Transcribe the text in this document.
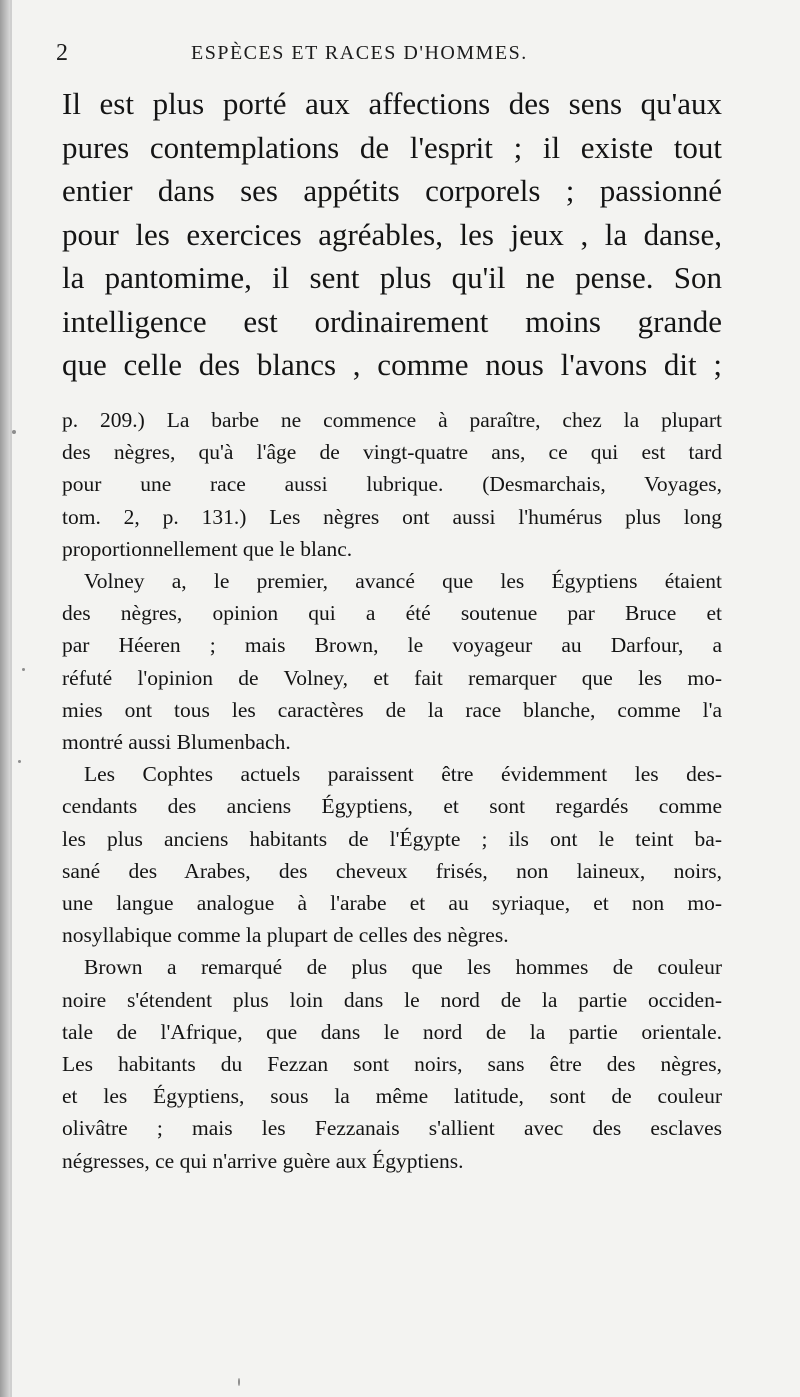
2	ESPÈCES ET RACES D'HOMMES.
Il est plus porté aux affections des sens qu'aux
pures contemplations de l'esprit ; il existe tout
entier dans ses appétits corporels ; passionné
pour les exercices agréables, les jeux , la danse,
la pantomime, il sent plus qu'il ne pense. Son
intelligence est ordinairement moins grande
que celle des blancs , comme nous l'avons dit ;
p. 209.) La barbe ne commence à paraître, chez la plupart
des nègres, qu'à l'âge de vingt-quatre ans, ce qui est tard
pour une race aussi lubrique. (Desmarchais, Voyages,
tom. 2, p. 131.) Les nègres ont aussi l'humérus plus long
proportionnellement que le blanc.
Volney a, le premier, avancé que les Égyptiens étaient
des nègres, opinion qui a été soutenue par Bruce et
par Héeren ; mais Brown, le voyageur au Darfour, a
réfuté l'opinion de Volney, et fait remarquer que les mo-
mies ont tous les caractères de la race blanche, comme l'a
montré aussi Blumenbach.
Les Cophtes actuels paraissent être évidemment les des-
cendants des anciens Égyptiens, et sont regardés comme
les plus anciens habitants de l'Égypte ; ils ont le teint ba-
sané des Arabes, des cheveux frisés, non laineux, noirs,
une langue analogue à l'arabe et au syriaque, et non mo-
nosyllabique comme la plupart de celles des nègres.
Brown a remarqué de plus que les hommes de couleur
noire s'étendent plus loin dans le nord de la partie occiden-
tale de l'Afrique, que dans le nord de la partie orientale.
Les habitants du Fezzan sont noirs, sans être des nègres,
et les Égyptiens, sous la même latitude, sont de couleur
olivâtre ; mais les Fezzanais s'allient avec des esclaves
négresses, ce qui n'arrive guère aux Égyptiens.
